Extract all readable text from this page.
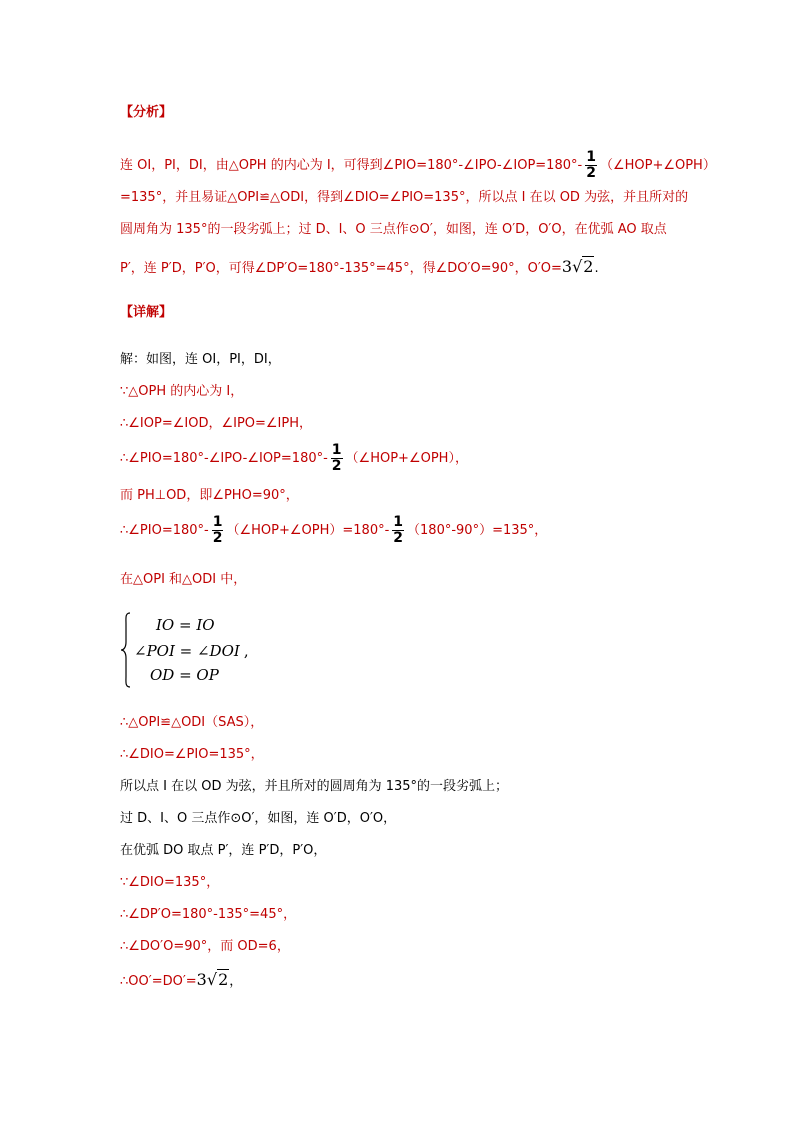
【分析】
连 OI，PI，DI，由△OPH 的内心为 I，可得到∠PIO=180°-∠IPO-∠IOP=180°- $\frac{1}{2}$ （∠HOP+∠OPH）
=135°，并且易证△OPI≌△ODI，得到∠DIO=∠PIO=135°，所以点 I 在以 OD 为弦，并且所对的
圆周角为 135°的一段劣弧上；过 D、I、O 三点作⊙O′，如图，连 O′D，O′O，在优弧 AO 取点
P′，连 P′D，P′O，可得∠DP′O=180°-135°=45°，得∠DO′O=90°，O′O=3√2.
【详解】
解：如图，连 OI，PI，DI，
∵△OPH 的内心为 I，
∴∠IOP=∠IOD，∠IPO=∠IPH，
∴∠PIO=180°-∠IPO-∠IOP=180°- $\frac{1}{2}$ （∠HOP+∠OPH），
而 PH⊥OD，即∠PHO=90°，
∴∠PIO=180°- $\frac{1}{2}$ （∠HOP+∠OPH）=180°- $\frac{1}{2} (180^\circ-90^\circ)=135^\circ$，
在△OPI 和△ODI 中，
IO = IO
∠POI = ∠DOI ,
OD = OP
∴△OPI≌△ODI（SAS），
∴∠DIO=∠PIO=135°，
所以点 I 在以 OD 为弦，并且所对的圆周角为 135°的一段劣弧上；
过 D、I、O 三点作⊙O′，如图，连 O′D，O′O，
在优弧 DO 取点 P′，连 P′D，P′O，
∵∠DIO=135°，
∴∠DP′O=180°-135°=45°，
∴∠DO′O=90°，而 OD=6，
∴OO′=DO′=3√2，
